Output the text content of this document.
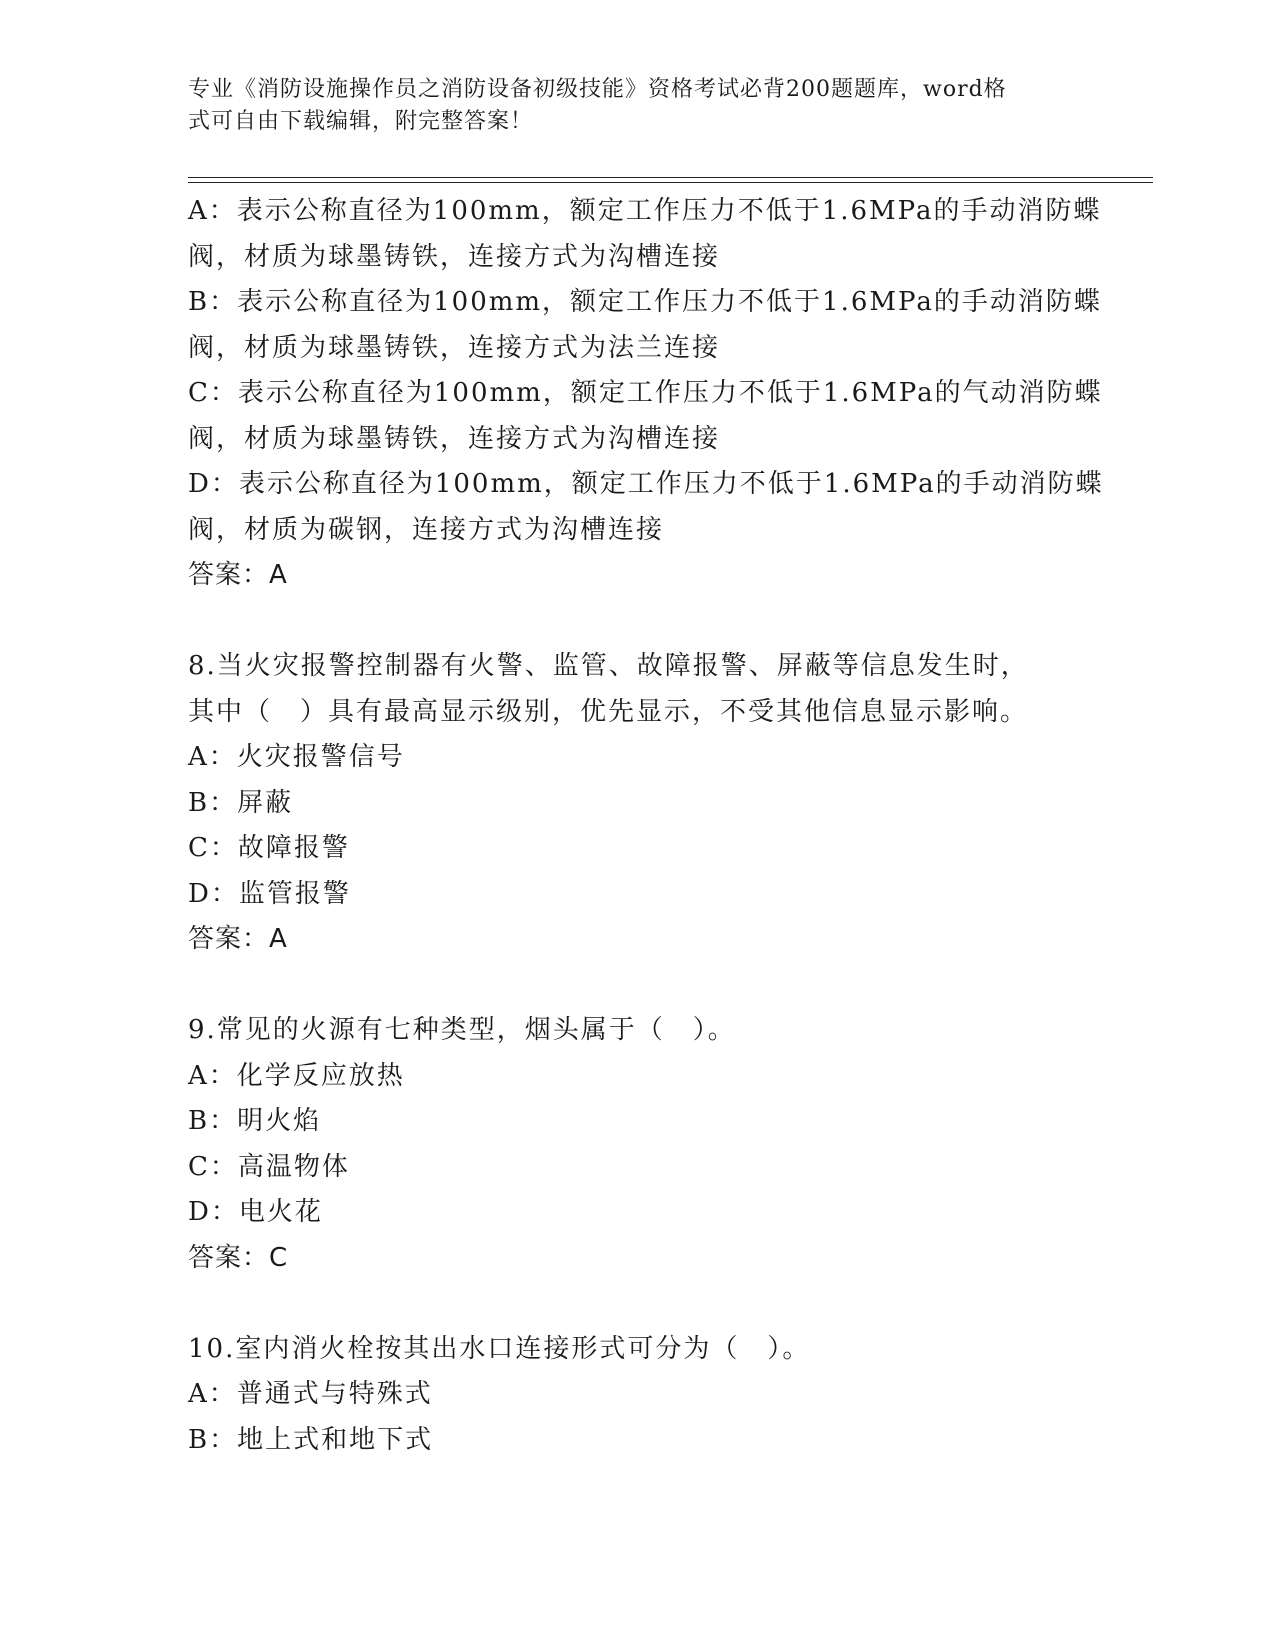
专业《消防设施操作员之消防设备初级技能》资格考试必背200题题库，word格
式可自由下载编辑，附完整答案！
A：表示公称直径为100mm，额定工作压力不低于1.6MPa的手动消防蝶
阀，材质为球墨铸铁，连接方式为沟槽连接
B：表示公称直径为100mm，额定工作压力不低于1.6MPa的手动消防蝶
阀，材质为球墨铸铁，连接方式为法兰连接
C：表示公称直径为100mm，额定工作压力不低于1.6MPa的气动消防蝶
阀，材质为球墨铸铁，连接方式为沟槽连接
D：表示公称直径为100mm，额定工作压力不低于1.6MPa的手动消防蝶
阀，材质为碳钢，连接方式为沟槽连接
答案：A
8.当火灾报警控制器有火警、监管、故障报警、屏蔽等信息发生时，
其中（　）具有最高显示级别，优先显示，不受其他信息显示影响。
A：火灾报警信号
B：屏蔽
C：故障报警
D：监管报警
答案：A
9.常见的火源有七种类型，烟头属于（　）。
A：化学反应放热
B：明火焰
C：高温物体
D：电火花
答案：C
10.室内消火栓按其出水口连接形式可分为（　）。
A：普通式与特殊式
B：地上式和地下式
